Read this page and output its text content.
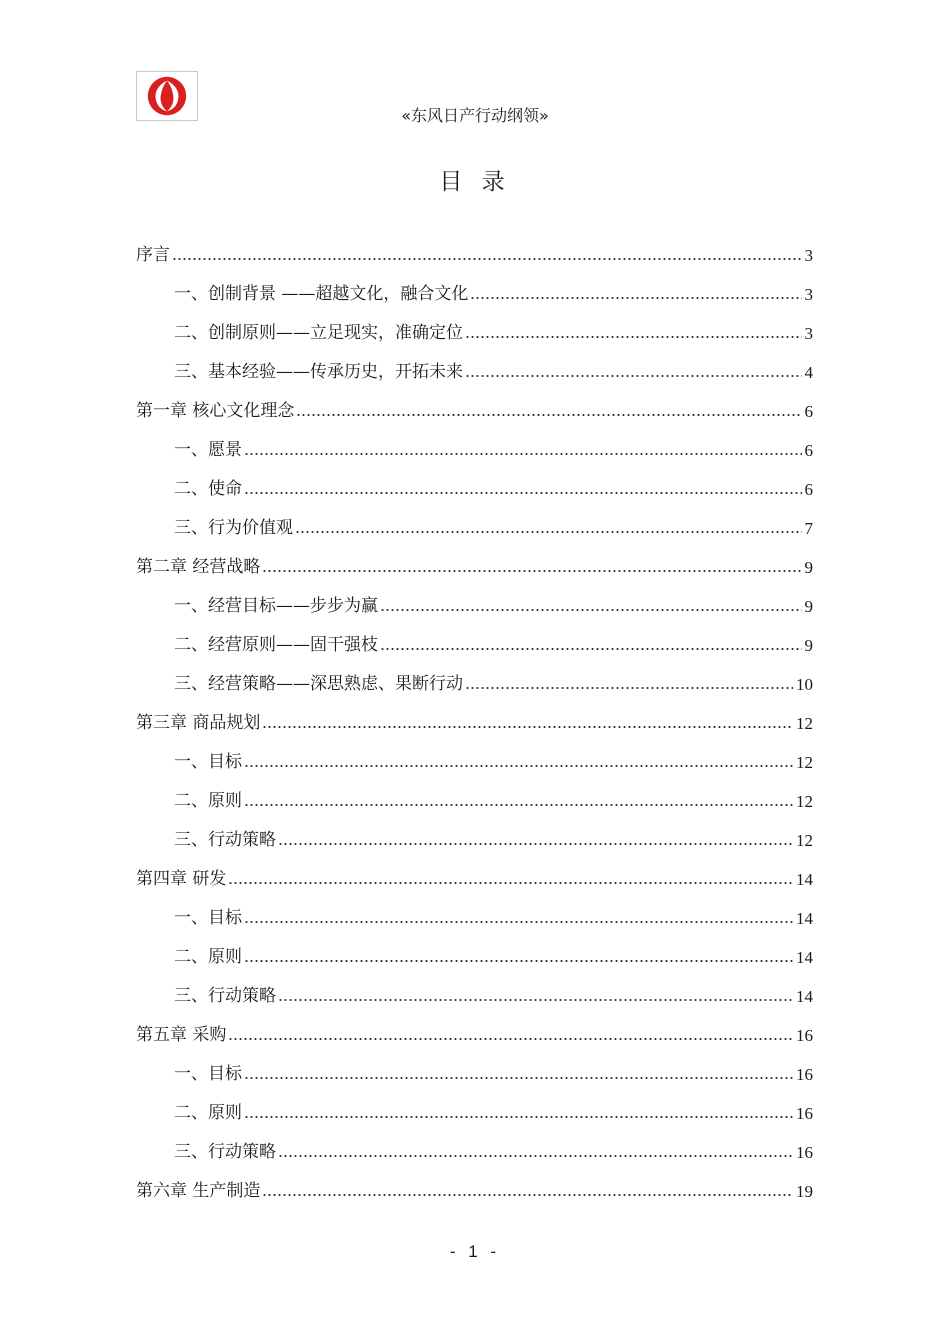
«东风日产行动纲领»
目 录
序言	3
一、创制背景 ——超越文化，融合文化	3
二、创制原则——立足现实，准确定位	3
三、基本经验——传承历史，开拓未来	4
第一章 核心文化理念	6
一、愿景	6
二、使命	6
三、行为价值观	7
第二章 经营战略	9
一、经营目标——步步为赢	9
二、经营原则——固干强枝	9
三、经营策略——深思熟虑、果断行动	10
第三章 商品规划	12
一、目标	12
二、原则	12
三、行动策略	12
第四章 研发	14
一、目标	14
二、原则	14
三、行动策略	14
第五章 采购	16
一、目标	16
二、原则	16
三、行动策略	16
第六章 生产制造	19
- 1 -
